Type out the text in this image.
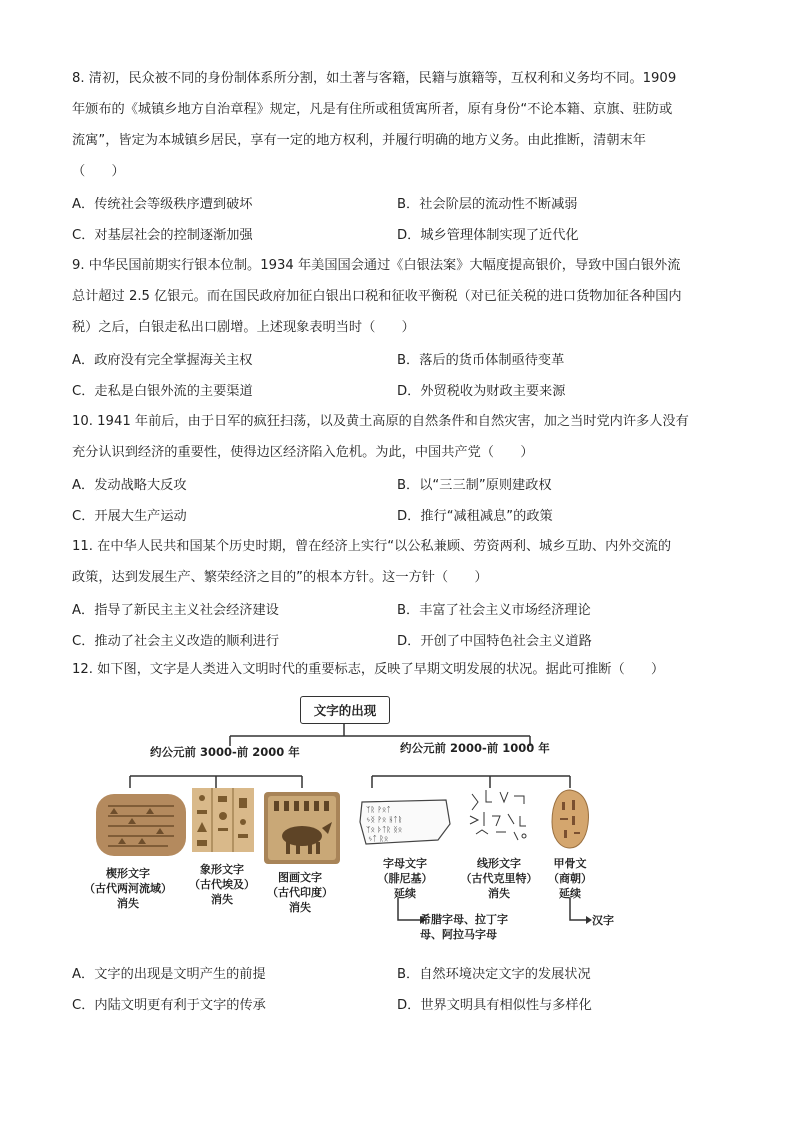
8. 清初，民众被不同的身份制体系所分割，如土著与客籍，民籍与旗籍等，互权利和义务均不同。1909

年颁布的《城镇乡地方自治章程》规定，凡是有住所或租赁寓所者，原有身份“不论本籍、京旗、驻防或

流寓”，皆定为本城镇乡居民，享有一定的地方权利，并履行明确的地方义务。由此推断，清朝末年

（　　）

A．传统社会等级秩序遭到破坏	B．社会阶层的流动性不断减弱
C．对基层社会的控制逐渐加强	D．城乡管理体制实现了近代化

9. 中华民国前期实行银本位制。1934 年美国国会通过《白银法案》大幅度提高银价，导致中国白银外流

总计超过 2.5 亿银元。而在国民政府加征白银出口税和征收平衡税（对已征关税的进口货物加征各种国内

税）之后，白银走私出口剧增。上述现象表明当时（　　）

A．政府没有完全掌握海关主权	B．落后的货币体制亟待变革
C．走私是白银外流的主要渠道	D．外贸税收为财政主要来源

10. 1941 年前后，由于日军的疯狂扫荡，以及黄土高原的自然条件和自然灾害，加之当时党内许多人没有

充分认识到经济的重要性，使得边区经济陷入危机。为此，中国共产党（　　）

A．发动战略大反攻	B．以“三三制”原则建政权
C．开展大生产运动	D．推行“减租减息”的政策

11. 在中华人民共和国某个历史时期，曾在经济上实行“以公私兼顾、劳资两利、城乡互助、内外交流的

政策，达到发展生产、繁荣经济之目的”的根本方针。这一方针（　　）

A．指导了新民主主义社会经济建设	B．丰富了社会主义市场经济理论
C．推动了社会主义改造的顺利进行	D．开创了中国特色社会主义道路

12. 如下图，文字是人类进入文明时代的重要标志，反映了早期文明发展的状况。据此可推断（　　）

文字的出现
约公元前 3000-前 2000 年	约公元前 2000-前 1000 年
ᛉᚱ ᚹᛟᛏ
ᛃᛝ ᚹᛟ ᚺᛏᚱ
ᛉᛟ ᚦᛏᚱ ᛝᛟ
ᛃᛏ ᚱᛟ
楔形文字
（古代两河流域）
消失
象形文字
（古代埃及）
消失
图画文字
（古代印度）
消失
字母文字
（腓尼基）
延续
线形文字
（古代克里特）
消失
甲骨文
（商朝）
延续
希腊字母、拉丁字
母、阿拉马字母
汉字
A．文字的出现是文明产生的前提	B．自然环境决定文字的发展状况
C．内陆文明更有利于文字的传承	D．世界文明具有相似性与多样化
